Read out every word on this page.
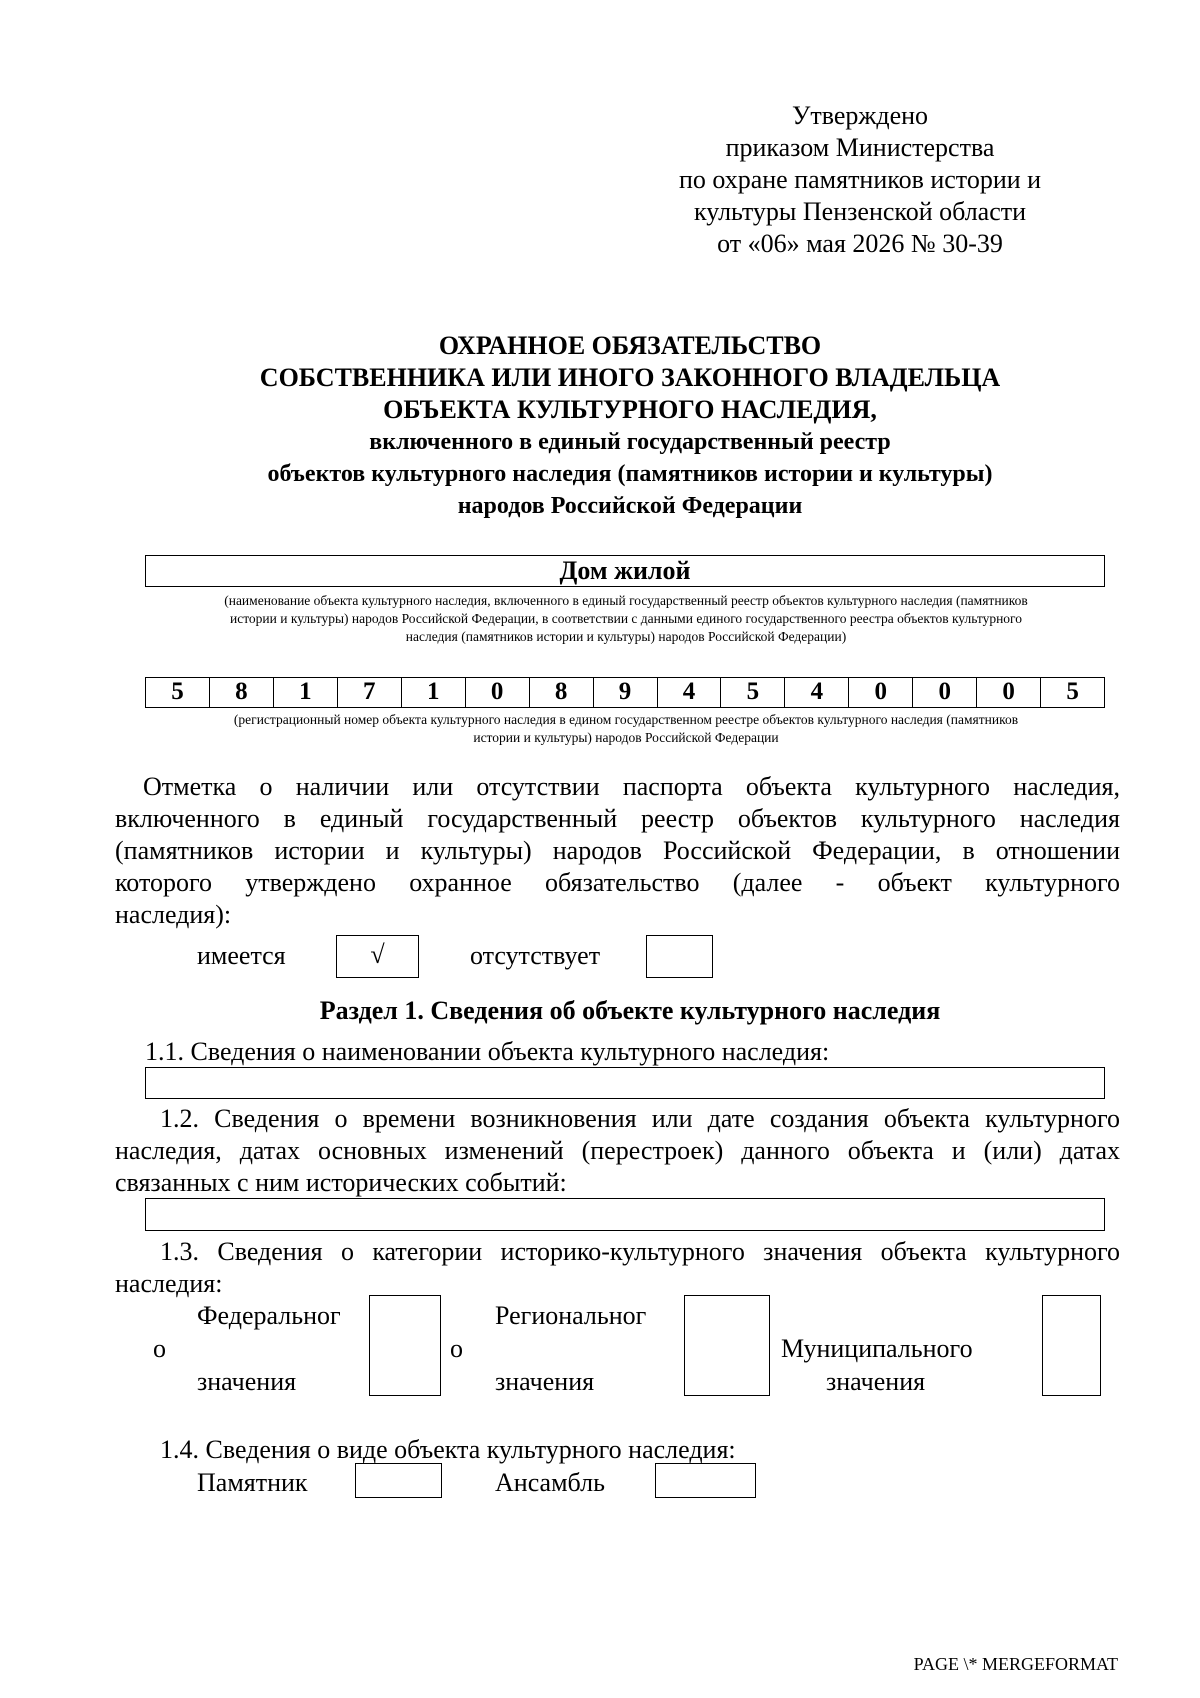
Утверждено
приказом Министерства
по охране памятников истории и
культуры Пензенской области
от «06» мая 2026 № 30-39
ОХРАННОЕ ОБЯЗАТЕЛЬСТВО
СОБСТВЕННИКА ИЛИ ИНОГО ЗАКОННОГО ВЛАДЕЛЬЦА
ОБЪЕКТА КУЛЬТУРНОГО НАСЛЕДИЯ,
включенного в единый государственный реестр
объектов культурного наследия (памятников истории и культуры)
народов Российской Федерации
Дом жилой
(наименование объекта культурного наследия, включенного в единый государственный реестр объектов культурного наследия (памятников
истории и культуры) народов Российской Федерации, в соответствии с данными единого государственного реестра объектов культурного
наследия (памятников истории и культуры) народов Российской Федерации)
5	8	1	7	1	0	8	9	4	5	4	0	0	0	5
(регистрационный номер объекта культурного наследия в едином государственном реестре объектов культурного наследия (памятников
истории и культуры) народов Российской Федерации
Отметка о наличии или отсутствии паспорта объекта культурного наследия,
включенного в единый государственный реестр объектов культурного наследия
(памятников истории и культуры) народов Российской Федерации, в отношении
которого утверждено охранное обязательство (далее - объект культурного
наследия):
имеется	√	отсутствует
Раздел 1. Сведения об объекте культурного наследия
1.1. Сведения о наименовании объекта культурного наследия:
1.2. Сведения о времени возникновения или дате создания объекта культурного
наследия, датах основных изменений (перестроек) данного объекта и (или) датах
связанных с ним исторических событий:
1.3. Сведения о категории историко-культурного значения объекта культурного
наследия:
Федеральног
о
значения
Региональног
о
значения
Муниципального
значения
1.4. Сведения о виде объекта культурного наследия:
Памятник	Ансамбль
PAGE \* MERGEFORMAT
